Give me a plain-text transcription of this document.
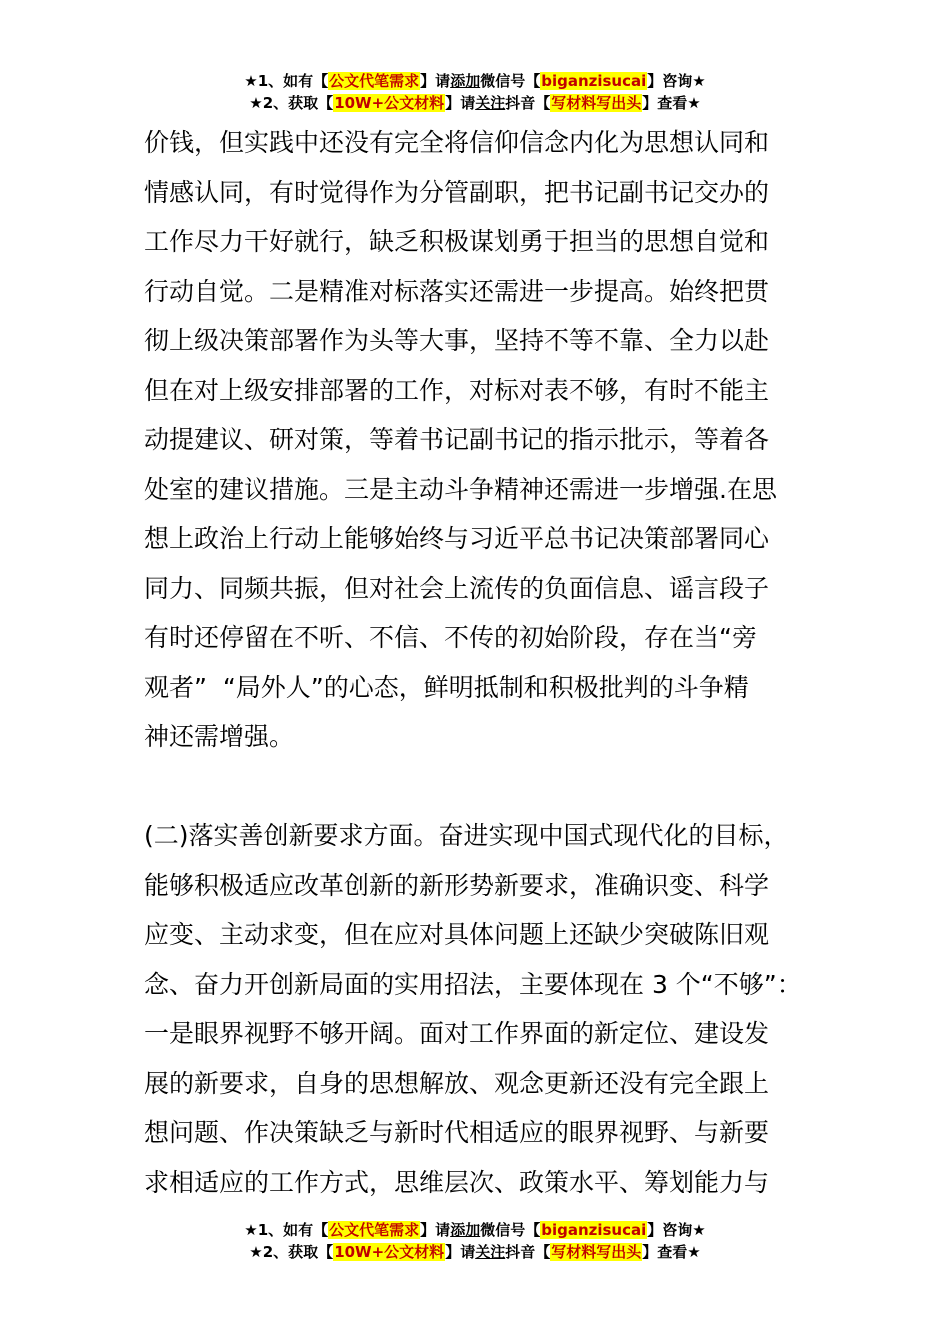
★1、如有【公文代笔需求】请添加微信号【biganzisucai】咨询★
★2、获取【10W+公文材料】请关注抖音【写材料写出头】查看★

价钱，但实践中还没有完全将信仰信念内化为思想认同和

情感认同，有时觉得作为分管副职，把书记副书记交办的

工作尽力干好就行，缺乏积极谋划勇于担当的思想自觉和

行动自觉。二是精准对标落实还需进一步提高。始终把贯

彻上级决策部署作为头等大事，坚持不等不靠、全力以赴

但在对上级安排部署的工作，对标对表不够，有时不能主

动提建议、研对策，等着书记副书记的指示批示，等着各

处室的建议措施。三是主动斗争精神还需进一步增强.在思

想上政治上行动上能够始终与习近平总书记决策部署同心

同力、同频共振，但对社会上流传的负面信息、谣言段子

有时还停留在不听、不信、不传的初始阶段，存在当“旁

观者”  “局外人”的心态，鲜明抵制和积极批判的斗争精

神还需增强。

(二)落实善创新要求方面。奋进实现中国式现代化的目标，

能够积极适应改革创新的新形势新要求，准确识变、科学

应变、主动求变，但在应对具体问题上还缺少突破陈旧观

念、奋力开创新局面的实用招法，主要体现在 3 个“不够”：

一是眼界视野不够开阔。面对工作界面的新定位、建设发

展的新要求，自身的思想解放、观念更新还没有完全跟上

想问题、作决策缺乏与新时代相适应的眼界视野、与新要

求相适应的工作方式，思维层次、政策水平、筹划能力与

★1、如有【公文代笔需求】请添加微信号【biganzisucai】咨询★
★2、获取【10W+公文材料】请关注抖音【写材料写出头】查看★
